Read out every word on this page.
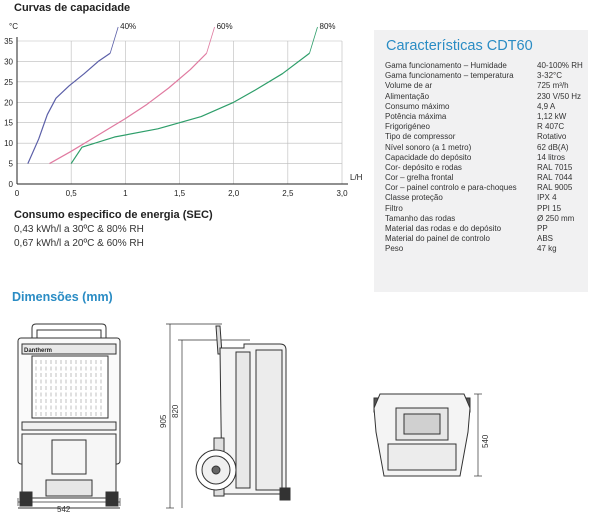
Curvas de capacidade
0	0,5	1	1,5	2,0	2,5	3,0
0
5
10
15
20
25
30
35
°C
L/H
40%	60%	80%
Consumo especifico de energia (SEC)
0,43 kWh/l a 30ºC & 80% RH
0,67 kWh/l a 20ºC & 60% RH
Características CDT60
Gama funcionamento – Humidade	40-100% RH
Gama funcionamento – temperatura	3-32°C
Volume de ar	725 m³/h
Alimentação	230 V/50 Hz
Consumo máximo	4,9 A
Potência máxima	1,12 kW
Frigorigéneo	R 407C
Tipo de compressor	Rotativo
Nível sonoro (a 1 metro)	62 dB(A)
Capacidade do depósito	14 litros
Cor- depósito e rodas	RAL 7015
Cor – grelha frontal	RAL 7044
Cor – painel controlo e para-choques	RAL 9005
Classe proteção	IPX 4
Filtro	PPI 15
Tamanho das rodas	Ø 250 mm
Material das rodas e do depósito	PP
Material do painel de controlo	ABS
Peso	47 kg
Dimensões (mm)
Dantherm
542
905
820
540
